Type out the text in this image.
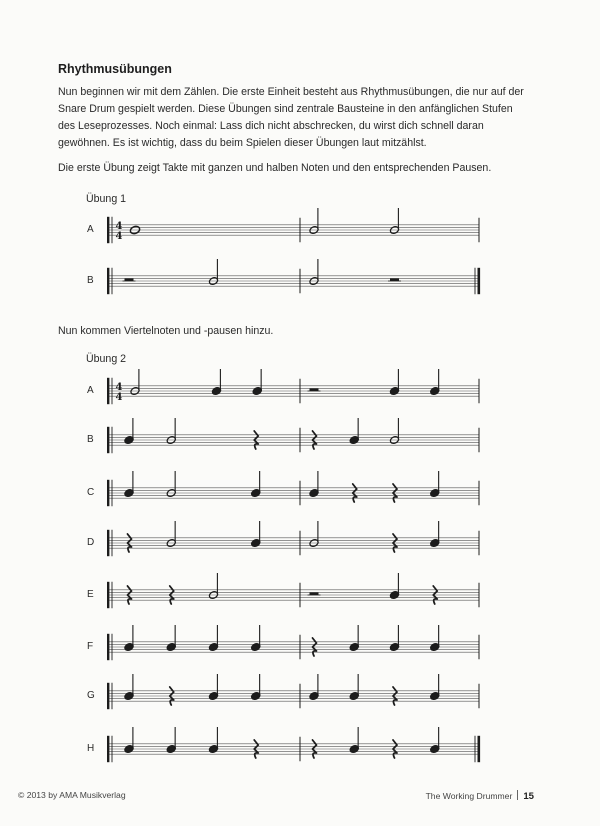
Rhythmusübungen
Nun beginnen wir mit dem Zählen. Die erste Einheit besteht aus Rhythmusübungen, die nur auf der Snare Drum gespielt werden. Diese Übungen sind zentrale Bausteine in den anfänglichen Stufen des Leseprozesses. Noch einmal: Lass dich nicht abschrecken, du wirst dich schnell daran gewöhnen. Es ist wichtig, dass du beim Spielen dieser Übungen laut mitzählst.
Die erste Übung zeigt Takte mit ganzen und halben Noten und den entsprechenden Pausen.
Übung 1
Nun kommen Viertelnoten und -pausen hinzu.
Übung 2
A 4
4
B
A 4
4
B
C
D
E
F
G
H
© 2013 by AMA Musikverlag	The Working Drummer 15
